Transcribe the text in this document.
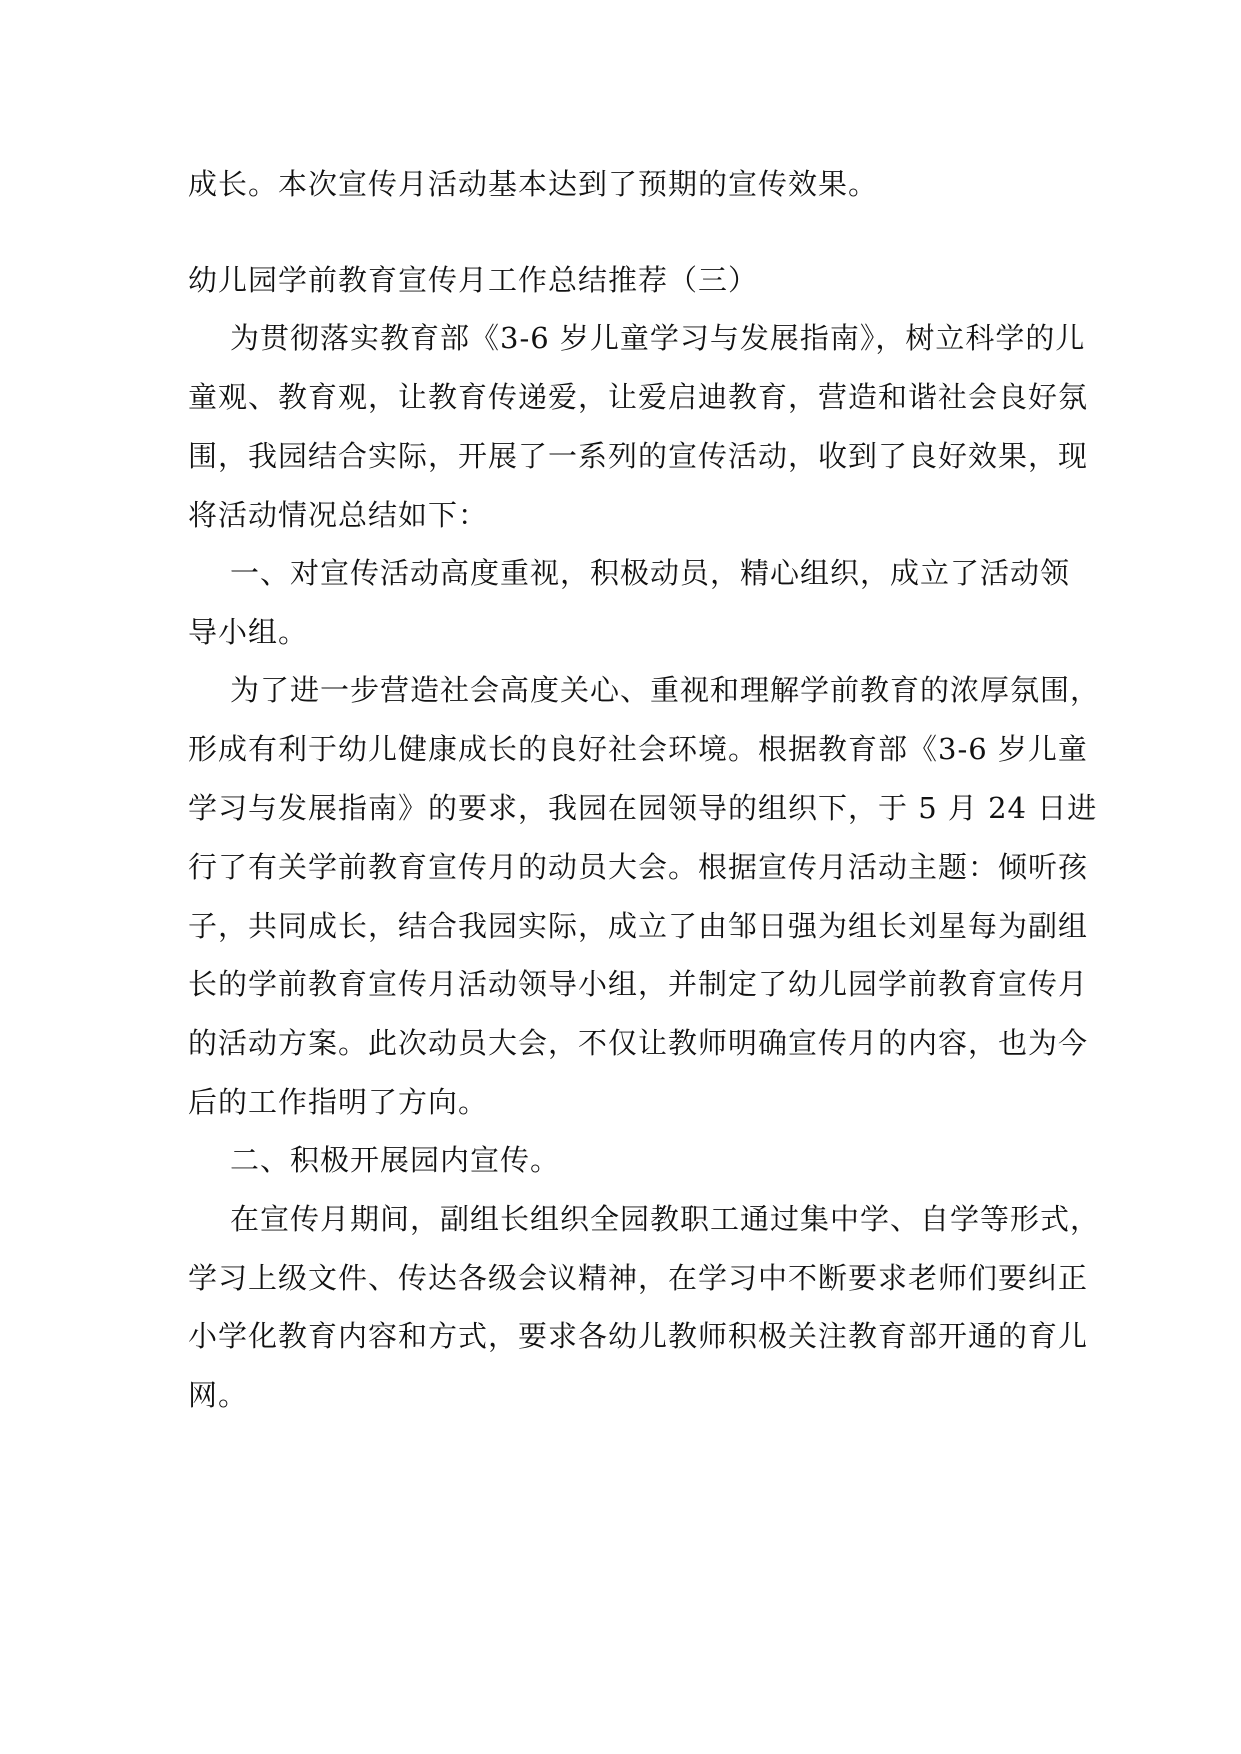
成长。本次宣传月活动基本达到了预期的宣传效果。
幼儿园学前教育宣传月工作总结推荐（三）
为贯彻落实教育部《3-6 岁儿童学习与发展指南》，树立科学的儿
童观、教育观，让教育传递爱，让爱启迪教育，营造和谐社会良好氛
围，我园结合实际，开展了一系列的宣传活动，收到了良好效果，现
将活动情况总结如下：
一、对宣传活动高度重视，积极动员，精心组织，成立了活动领
导小组。
为了进一步营造社会高度关心、重视和理解学前教育的浓厚氛围，
形成有利于幼儿健康成长的良好社会环境。根据教育部《3-6 岁儿童
学习与发展指南》的要求，我园在园领导的组织下，于 5 月 24 日进
行了有关学前教育宣传月的动员大会。根据宣传月活动主题：倾听孩
子，共同成长，结合我园实际，成立了由邹日强为组长刘星每为副组
长的学前教育宣传月活动领导小组，并制定了幼儿园学前教育宣传月
的活动方案。此次动员大会，不仅让教师明确宣传月的内容，也为今
后的工作指明了方向。
二、积极开展园内宣传。
在宣传月期间，副组长组织全园教职工通过集中学、自学等形式，
学习上级文件、传达各级会议精神，在学习中不断要求老师们要纠正
小学化教育内容和方式，要求各幼儿教师积极关注教育部开通的育儿
网。
